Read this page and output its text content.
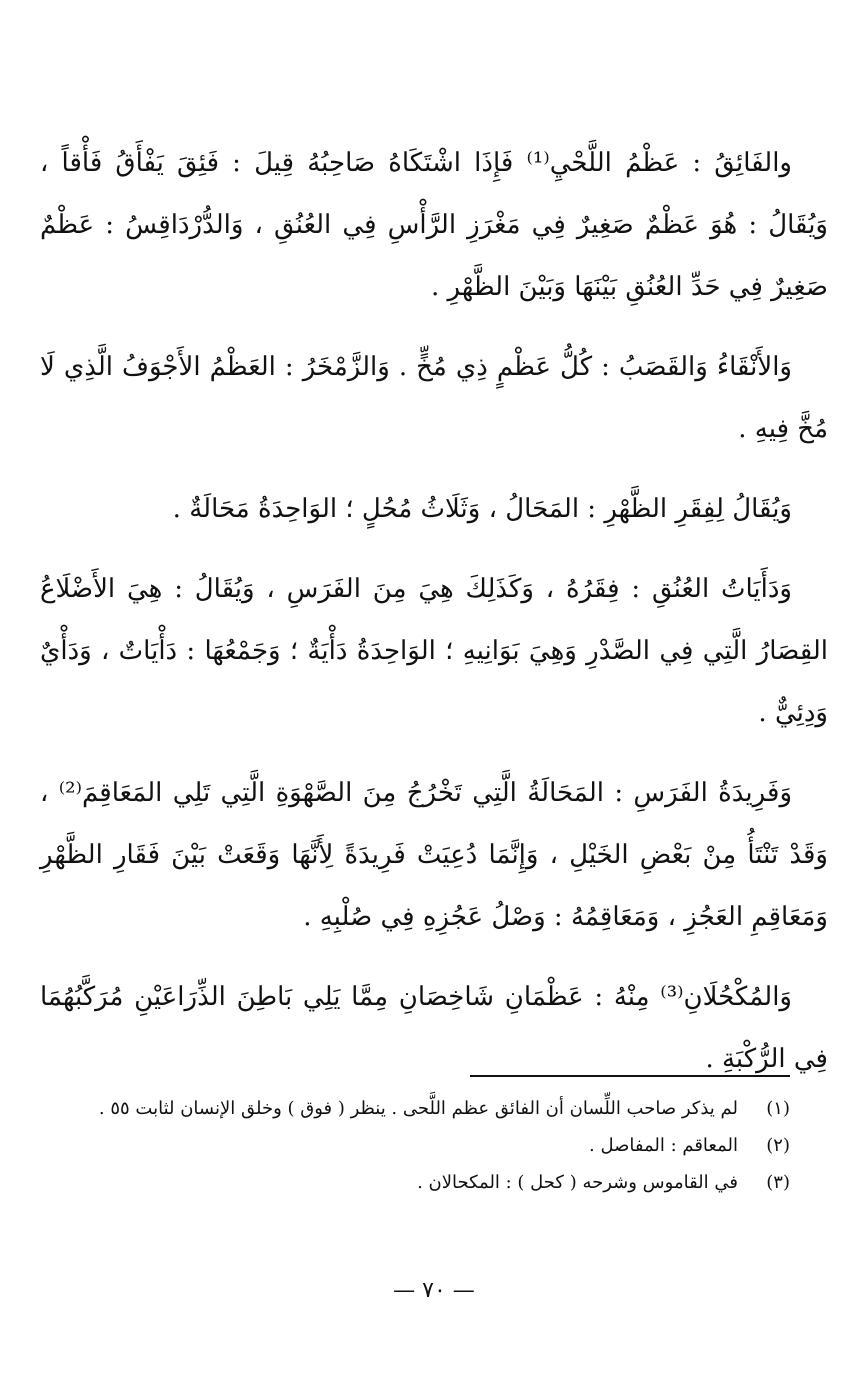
والفَائِقُ : عَظْمُ اللَّحْيِ⁽¹⁾ فَإِذَا اشْتَكَاهُ صَاحِبُهُ قِيلَ : فَئِقَ يَفْأَقُ فَأْقاً ، وَيُقَالُ : هُوَ عَظْمٌ صَغِيرٌ فِي مَغْرَزِ الرَّأْسِ فِي العُنُقِ ، وَالدُّرْدَاقِسُ : عَظْمٌ صَغِيرٌ فِي حَدِّ العُنُقِ بَيْنَهَا وَبَيْنَ الظَّهْرِ .

وَالأَنْقَاءُ وَالقَصَبُ : كُلُّ عَظْمٍ ذِي مُخٍّ . وَالزَّمْخَرُ : العَظْمُ الأَجْوَفُ الَّذِي لَا مُخَّ فِيهِ .

وَيُقَالُ لِفِقَرِ الظَّهْرِ : المَحَالُ ، وَثَلَاثُ مُحُلٍ ؛ الوَاحِدَةُ مَحَالَةٌ .

وَدَأَيَاتُ العُنُقِ : فِقَرُهُ ، وَكَذَلِكَ هِيَ مِنَ الفَرَسِ ، وَيُقَالُ : هِيَ الأَضْلَاعُ القِصَارُ الَّتِي فِي الصَّدْرِ وَهِيَ بَوَانِيهِ ؛ الوَاحِدَةُ دَأْيَةٌ ؛ وَجَمْعُهَا : دَأْيَاتٌ ، وَدَأْيٌ وَدِئِيٌّ .

وَفَرِيدَةُ الفَرَسِ : المَحَالَةُ الَّتِي تَخْرُجُ مِنَ الصَّهْوَةِ الَّتِي تَلِي المَعَاقِمَ⁽²⁾ ، وَقَدْ تَنْتَأُ مِنْ بَعْضِ الخَيْلِ ، وَإِنَّمَا دُعِيَتْ فَرِيدَةً لِأَنَّهَا وَقَعَتْ بَيْنَ فَقَارِ الظَّهْرِ وَمَعَاقِمِ العَجُزِ ، وَمَعَاقِمُهُ : وَصْلُ عَجُزِهِ فِي صُلْبِهِ .

وَالمُكْحُلَانِ⁽³⁾ مِنْهُ : عَظْمَانِ شَاخِصَانِ مِمَّا يَلِي بَاطِنَ الذِّرَاعَيْنِ مُرَكَّبُهُمَا فِي الرُّكْبَةِ .

(١)
لم يذكر صاحب اللِّسان أن الفائق عظم اللَّحى . ينظر ( فوق ) وخلق الإنسان لثابت ٥٥ .
(٢)
المعاقم : المفاصل .
(٣)
في القاموس وشرحه ( كحل ) : المكحالان .
— ٧٠ —
